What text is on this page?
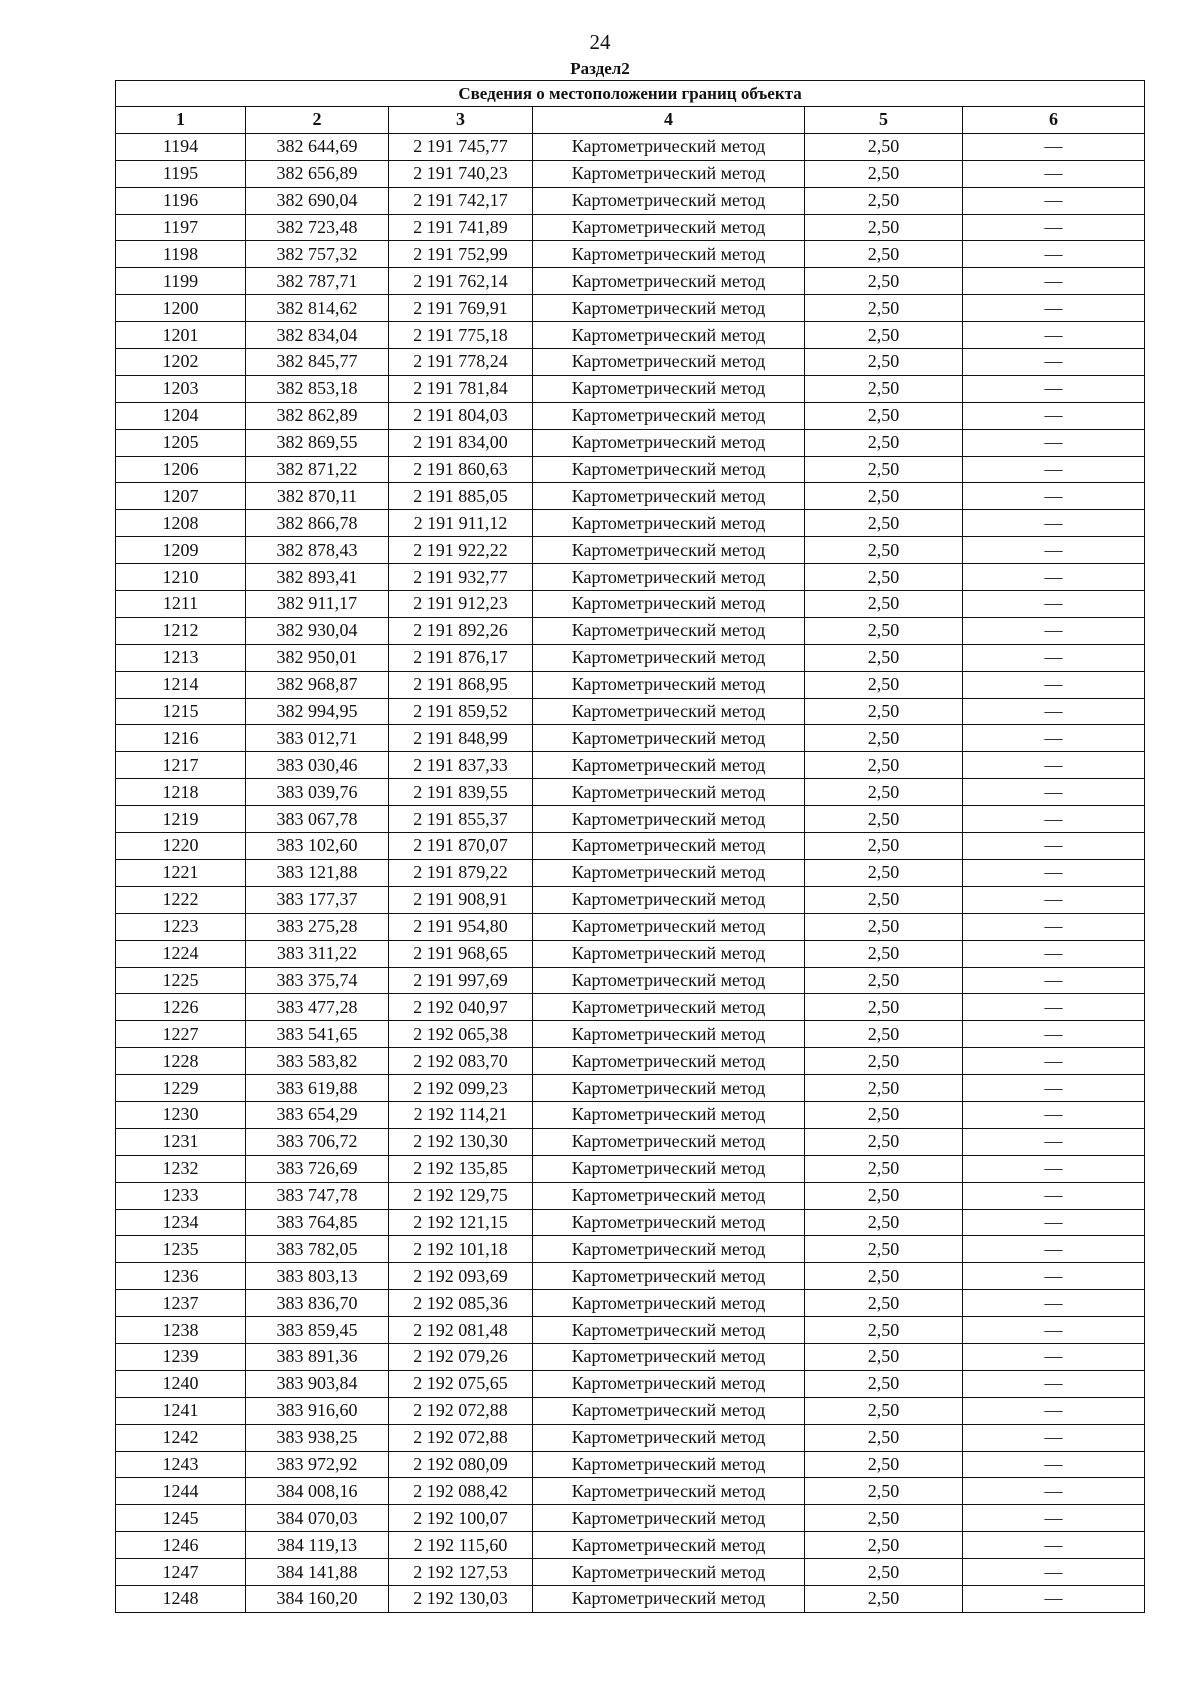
24
Раздел2
Сведения о местоположении границ объекта					
1	2	3	4	5	6
1194	382 644,69	2 191 745,77	Картометрический метод	2,50	—
1195	382 656,89	2 191 740,23	Картометрический метод	2,50	—
1196	382 690,04	2 191 742,17	Картометрический метод	2,50	—
1197	382 723,48	2 191 741,89	Картометрический метод	2,50	—
1198	382 757,32	2 191 752,99	Картометрический метод	2,50	—
1199	382 787,71	2 191 762,14	Картометрический метод	2,50	—
1200	382 814,62	2 191 769,91	Картометрический метод	2,50	—
1201	382 834,04	2 191 775,18	Картометрический метод	2,50	—
1202	382 845,77	2 191 778,24	Картометрический метод	2,50	—
1203	382 853,18	2 191 781,84	Картометрический метод	2,50	—
1204	382 862,89	2 191 804,03	Картометрический метод	2,50	—
1205	382 869,55	2 191 834,00	Картометрический метод	2,50	—
1206	382 871,22	2 191 860,63	Картометрический метод	2,50	—
1207	382 870,11	2 191 885,05	Картометрический метод	2,50	—
1208	382 866,78	2 191 911,12	Картометрический метод	2,50	—
1209	382 878,43	2 191 922,22	Картометрический метод	2,50	—
1210	382 893,41	2 191 932,77	Картометрический метод	2,50	—
1211	382 911,17	2 191 912,23	Картометрический метод	2,50	—
1212	382 930,04	2 191 892,26	Картометрический метод	2,50	—
1213	382 950,01	2 191 876,17	Картометрический метод	2,50	—
1214	382 968,87	2 191 868,95	Картометрический метод	2,50	—
1215	382 994,95	2 191 859,52	Картометрический метод	2,50	—
1216	383 012,71	2 191 848,99	Картометрический метод	2,50	—
1217	383 030,46	2 191 837,33	Картометрический метод	2,50	—
1218	383 039,76	2 191 839,55	Картометрический метод	2,50	—
1219	383 067,78	2 191 855,37	Картометрический метод	2,50	—
1220	383 102,60	2 191 870,07	Картометрический метод	2,50	—
1221	383 121,88	2 191 879,22	Картометрический метод	2,50	—
1222	383 177,37	2 191 908,91	Картометрический метод	2,50	—
1223	383 275,28	2 191 954,80	Картометрический метод	2,50	—
1224	383 311,22	2 191 968,65	Картометрический метод	2,50	—
1225	383 375,74	2 191 997,69	Картометрический метод	2,50	—
1226	383 477,28	2 192 040,97	Картометрический метод	2,50	—
1227	383 541,65	2 192 065,38	Картометрический метод	2,50	—
1228	383 583,82	2 192 083,70	Картометрический метод	2,50	—
1229	383 619,88	2 192 099,23	Картометрический метод	2,50	—
1230	383 654,29	2 192 114,21	Картометрический метод	2,50	—
1231	383 706,72	2 192 130,30	Картометрический метод	2,50	—
1232	383 726,69	2 192 135,85	Картометрический метод	2,50	—
1233	383 747,78	2 192 129,75	Картометрический метод	2,50	—
1234	383 764,85	2 192 121,15	Картометрический метод	2,50	—
1235	383 782,05	2 192 101,18	Картометрический метод	2,50	—
1236	383 803,13	2 192 093,69	Картометрический метод	2,50	—
1237	383 836,70	2 192 085,36	Картометрический метод	2,50	—
1238	383 859,45	2 192 081,48	Картометрический метод	2,50	—
1239	383 891,36	2 192 079,26	Картометрический метод	2,50	—
1240	383 903,84	2 192 075,65	Картометрический метод	2,50	—
1241	383 916,60	2 192 072,88	Картометрический метод	2,50	—
1242	383 938,25	2 192 072,88	Картометрический метод	2,50	—
1243	383 972,92	2 192 080,09	Картометрический метод	2,50	—
1244	384 008,16	2 192 088,42	Картометрический метод	2,50	—
1245	384 070,03	2 192 100,07	Картометрический метод	2,50	—
1246	384 119,13	2 192 115,60	Картометрический метод	2,50	—
1247	384 141,88	2 192 127,53	Картометрический метод	2,50	—
1248	384 160,20	2 192 130,03	Картометрический метод	2,50	—
